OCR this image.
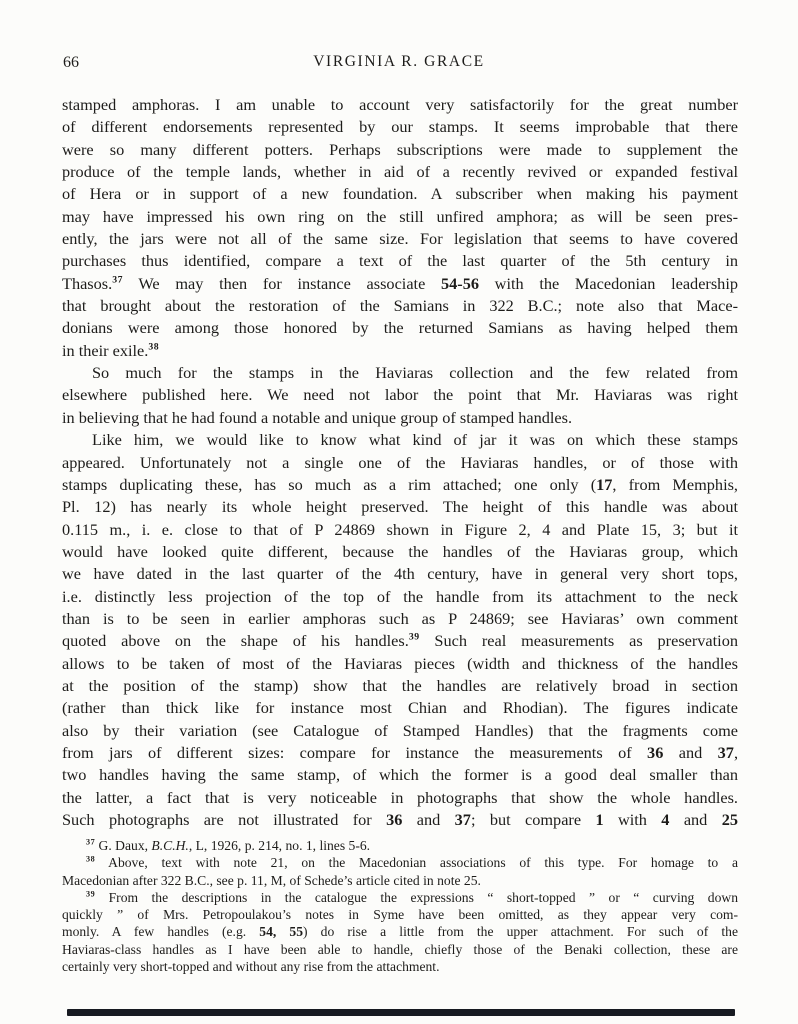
66	VIRGINIA R. GRACE
stamped amphoras. I am unable to account very satisfactorily for the great number
of different endorsements represented by our stamps. It seems improbable that there
were so many different potters. Perhaps subscriptions were made to supplement the
produce of the temple lands, whether in aid of a recently revived or expanded festival
of Hera or in support of a new foundation. A subscriber when making his payment
may have impressed his own ring on the still unfired amphora; as will be seen pres-
ently, the jars were not all of the same size. For legislation that seems to have covered
purchases thus identified, compare a text of the last quarter of the 5th century in
Thasos.$^{37}$ We may then for instance associate 54-56 with the Macedonian leadership
that brought about the restoration of the Samians in 322 B.C.; note also that Mace-
donians were among those honored by the returned Samians as having helped them
in their exile.$^{38}$
So much for the stamps in the Haviaras collection and the few related from
elsewhere published here. We need not labor the point that Mr. Haviaras was right
in believing that he had found a notable and unique group of stamped handles.
Like him, we would like to know what kind of jar it was on which these stamps
appeared. Unfortunately not a single one of the Haviaras handles, or of those with
stamps duplicating these, has so much as a rim attached; one only (17, from Memphis,
Pl. 12) has nearly its whole height preserved. The height of this handle was about
0.115 m., i. e. close to that of P 24869 shown in Figure 2, 4 and Plate 15, 3; but it
would have looked quite different, because the handles of the Haviaras group, which
we have dated in the last quarter of the 4th century, have in general very short tops,
i.e. distinctly less projection of the top of the handle from its attachment to the neck
than is to be seen in earlier amphoras such as P 24869; see Haviaras’ own comment
quoted above on the shape of his handles.$^{39}$ Such real measurements as preservation
allows to be taken of most of the Haviaras pieces (width and thickness of the handles
at the position of the stamp) show that the handles are relatively broad in section
(rather than thick like for instance most Chian and Rhodian). The figures indicate
also by their variation (see Catalogue of Stamped Handles) that the fragments come
from jars of different sizes: compare for instance the measurements of 36 and 37,
two handles having the same stamp, of which the former is a good deal smaller than
the latter, a fact that is very noticeable in photographs that show the whole handles.
Such photographs are not illustrated for 36 and 37; but compare 1 with 4 and 25
$^{37}$ G. Daux, B.C.H., L, 1926, p. 214, no. 1, lines 5-6.
$^{38}$ Above, text with note 21, on the Macedonian associations of this type. For homage to a
Macedonian after 322 B.C., see p. 11, M, of Schede’s article cited in note 25.
$^{39}$ From the descriptions in the catalogue the expressions “ short-topped ” or “ curving down
quickly ” of Mrs. Petropoulakou’s notes in Syme have been omitted, as they appear very com-
monly. A few handles (e.g. 54, 55) do rise a little from the upper attachment. For such of the
Haviaras-class handles as I have been able to handle, chiefly those of the Benaki collection, these are
certainly very short-topped and without any rise from the attachment.
